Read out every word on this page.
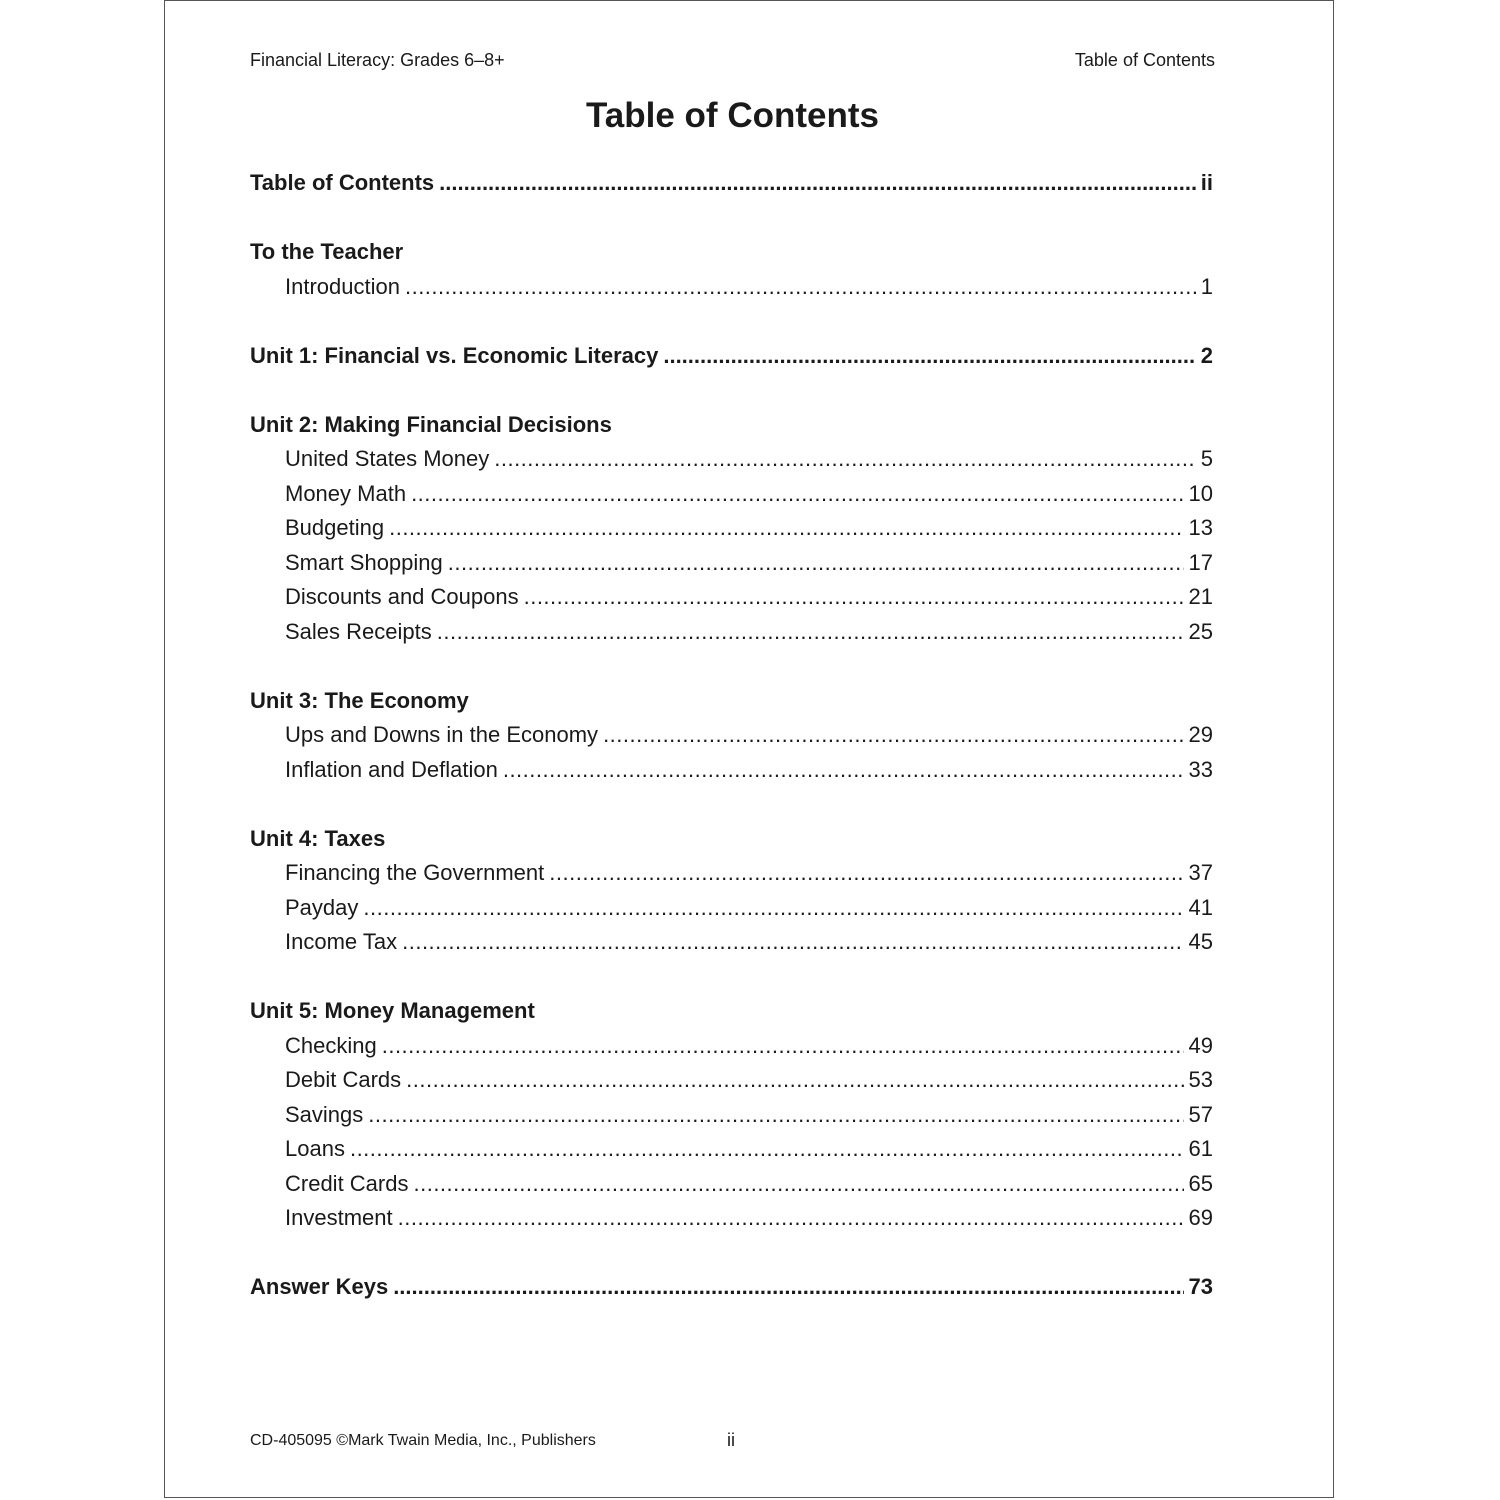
Financial Literacy: Grades 6–8+	Table of Contents
Table of Contents
Table of Contents .....	ii
To the Teacher
Introduction .....	1
Unit 1: Financial vs. Economic Literacy .....	2
Unit 2: Making Financial Decisions
United States Money .....	5
Money Math .....	10
Budgeting .....	13
Smart Shopping .....	17
Discounts and Coupons .....	21
Sales Receipts .....	25
Unit 3: The Economy
Ups and Downs in the Economy .....	29
Inflation and Deflation .....	33
Unit 4: Taxes
Financing the Government .....	37
Payday .....	41
Income Tax .....	45
Unit 5: Money Management
Checking .....	49
Debit Cards .....	53
Savings .....	57
Loans .....	61
Credit Cards .....	65
Investment .....	69
Answer Keys .....	73
CD-405095 ©Mark Twain Media, Inc., Publishers	ii
